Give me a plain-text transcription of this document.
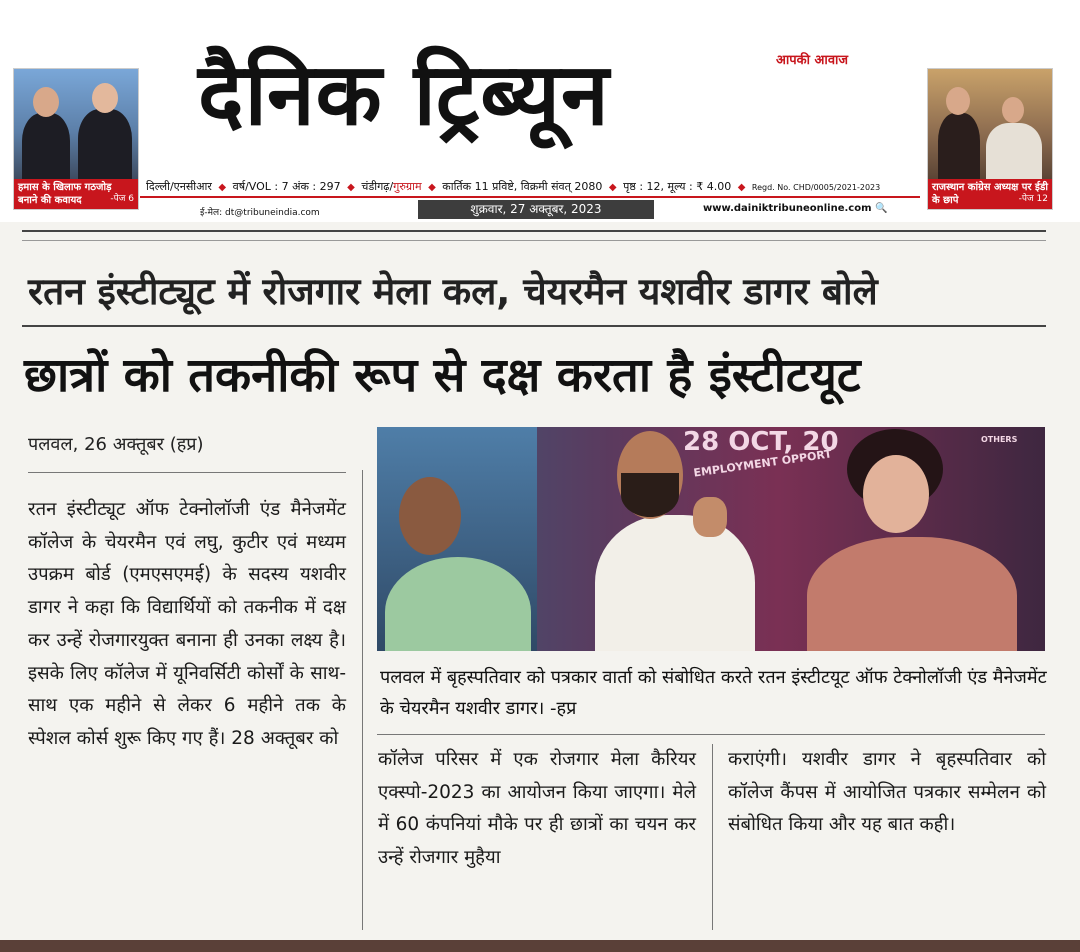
हमास के खिलाफ गठजोड़ बनाने की कवायद	-पेज 6
राजस्थान कांग्रेस अध्यक्ष पर ईडी के छापे	-पेज 12
आपकी आवाज
दैनिक ट्रिब्यून
दिल्ली/एनसीआर ◆ वर्ष/VOL : 7 अंक : 297 ◆ चंडीगढ़/गुरुग्राम ◆ कार्तिक 11 प्रविष्टे, विक्रमी संवत् 2080 ◆ पृष्ठ : 12, मूल्य : ₹ 4.00 ◆ Regd. No. CHD/0005/2021-2023
ई-मेल: dt@tribuneindia.com	शुक्रवार, 27 अक्तूबर, 2023	www.dainiktribuneonline.com 🔍
रतन इंस्टीट्यूट में रोजगार मेला कल, चेयरमैन यशवीर डागर बोले
छात्रों को तकनीकी रूप से दक्ष करता है इंस्टीटयूट
पलवल, 26 अक्तूबर (हप्र)

रतन इंस्टीट्यूट ऑफ टेक्नोलॉजी एंड मैनेजमेंट कॉलेज के चेयरमैन एवं लघु, कुटीर एवं मध्यम उपक्रम बोर्ड (एमएसएमई) के सदस्य यशवीर डागर ने कहा कि विद्यार्थियों को तकनीक में दक्ष कर उन्हें रोजगारयुक्त बनाना ही उनका लक्ष्य है। इसके लिए कॉलेज में यूनिवर्सिटी कोर्सों के साथ-साथ एक महीने से लेकर 6 महीने तक के स्पेशल कोर्स शुरू किए गए हैं। 28 अक्तूबर को

28 OCT, 20
EMPLOYMENT OPPORT
OTHERS
पलवल में बृहस्पतिवार को पत्रकार वार्ता को संबोधित करते रतन इंस्टीटयूट ऑफ टेक्नोलॉजी एंड मैनेजमेंट के चेयरमैन यशवीर डागर। -हप्र

कॉलेज परिसर में एक रोजगार मेला कैरियर एक्स्पो-2023 का आयोजन किया जाएगा। मेले में 60 कंपनियां मौके पर ही छात्रों का चयन कर उन्हें रोजगार मुहैया

कराएंगी। यशवीर डागर ने बृहस्पतिवार को कॉलेज कैंपस में आयोजित पत्रकार सम्मेलन को संबोधित किया और यह बात कही।
